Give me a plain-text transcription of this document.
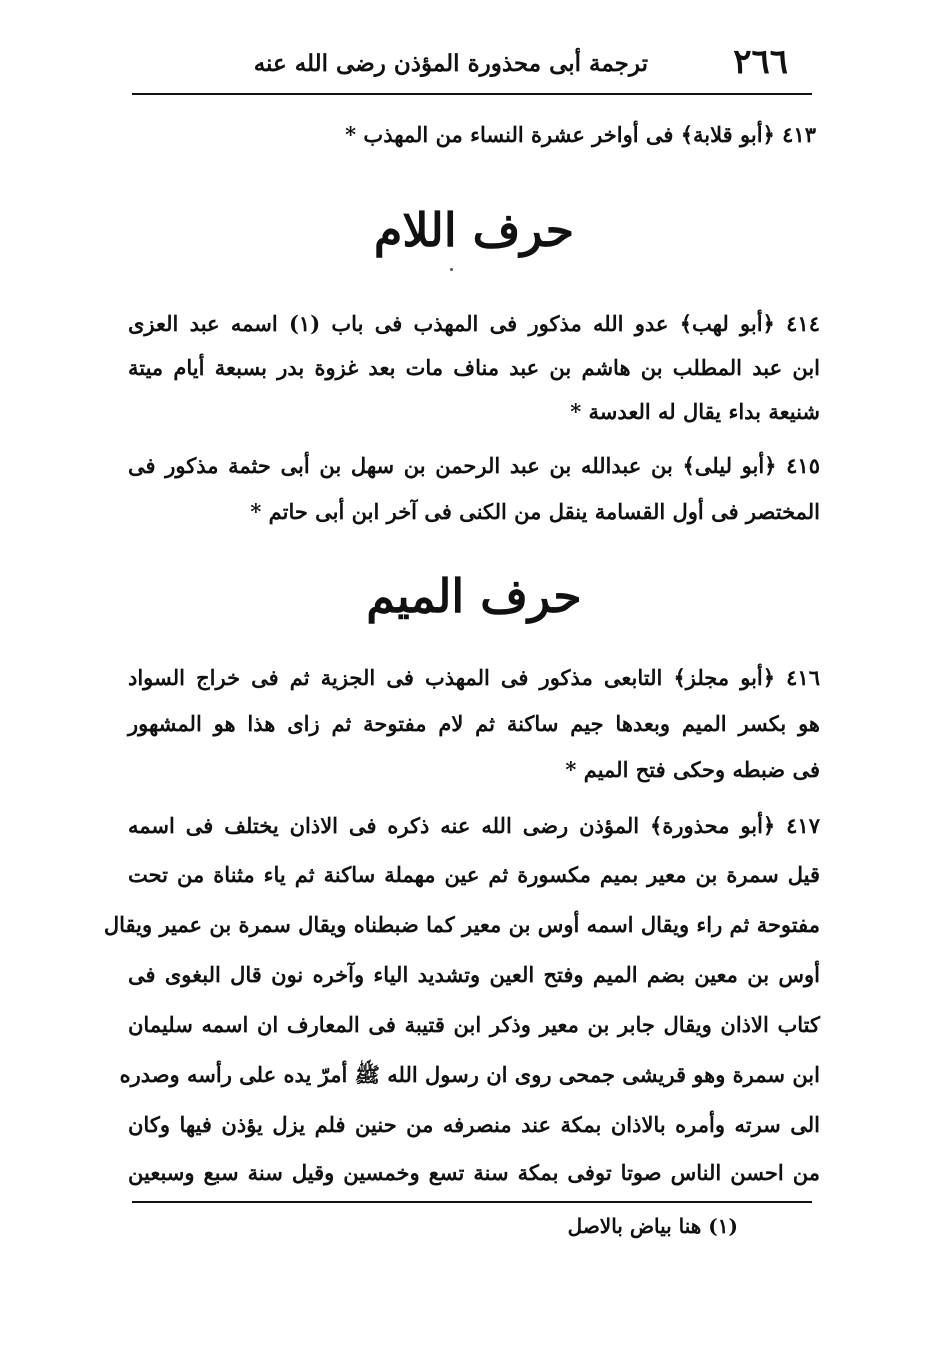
٢٦٦
ترجمة أبى محذورة المؤذن رضى الله عنه
٤١٣ ﴿أبو قلابة﴾ فى أواخر عشرة النساء من المهذب *
حرف اللام
٤١٤ ﴿أبو لهب﴾ عدو الله مذكور فى المهذب فى باب (١) اسمه عبد العزى
ابن عبد المطلب بن هاشم بن عبد مناف مات بعد غزوة بدر بسبعة أيام ميتة
شنيعة بداء يقال له العدسة *
٤١٥ ﴿أبو ليلى﴾ بن عبدالله بن عبد الرحمن بن سهل بن أبى حثمة مذكور فى
المختصر فى أول القسامة ينقل من الكنى فى آخر ابن أبى حاتم *
حرف الميم
٤١٦ ﴿أبو مجلز﴾ التابعى مذكور فى المهذب فى الجزية ثم فى خراج السواد
هو بكسر الميم وبعدها جيم ساكنة ثم لام مفتوحة ثم زاى هذا هو المشهور
فى ضبطه وحكى فتح الميم *
٤١٧ ﴿أبو محذورة﴾ المؤذن رضى الله عنه ذكره فى الاذان يختلف فى اسمه
قيل سمرة بن معير بميم مكسورة ثم عين مهملة ساكنة ثم ياء مثناة من تحت
مفتوحة ثم راء ويقال اسمه أوس بن معير كما ضبطناه ويقال سمرة بن عمير ويقال
أوس بن معين بضم الميم وفتح العين وتشديد الياء وآخره نون قال البغوى فى
كتاب الاذان ويقال جابر بن معير وذكر ابن قتيبة فى المعارف ان اسمه سليمان
ابن سمرة وهو قريشى جمحى روى ان رسول الله ﷺ أمرّ يده على رأسه وصدره
الى سرته وأمره بالاذان بمكة عند منصرفه من حنين فلم يزل يؤذن فيها وكان
من احسن الناس صوتا توفى بمكة سنة تسع وخمسين وقيل سنة سبع وسبعين
(١) هنا بياض بالاصل
